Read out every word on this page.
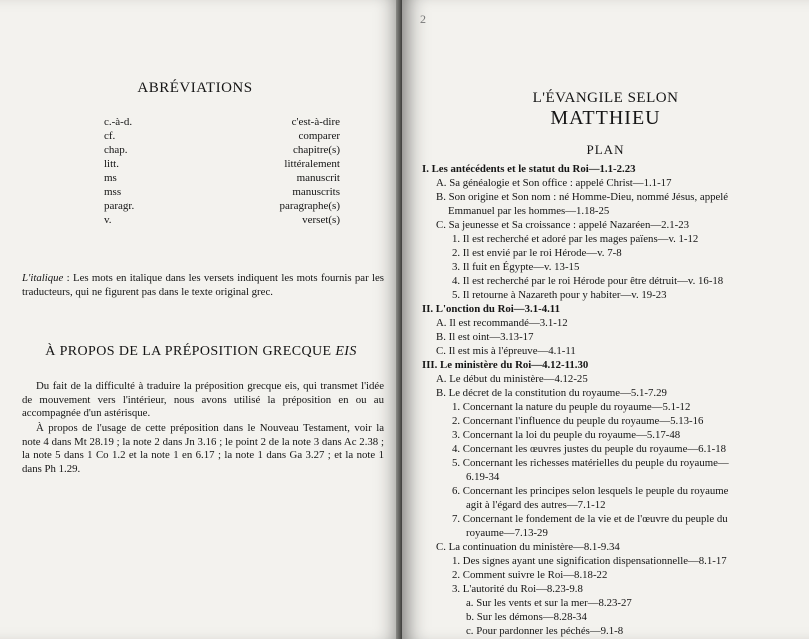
ABRÉVIATIONS
c.-à-d.	c'est-à-dire
cf.	comparer
chap.	chapitre(s)
litt.	littéralement
ms	manuscrit
mss	manuscrits
paragr.	paragraphe(s)
v.	verset(s)
L'italique : Les mots en italique dans les versets indiquent les mots fournis par les traducteurs, qui ne figurent pas dans le texte original grec.
À PROPOS DE LA PRÉPOSITION GRECQUE EIS
Du fait de la difficulté à traduire la préposition grecque eis, qui transmet l'idée de mouvement vers l'intérieur, nous avons utilisé la préposition en ou au accompagnée d'un astérisque.
À propos de l'usage de cette préposition dans le Nouveau Testament, voir la note 4 dans Mt 28.19 ; la note 2 dans Jn 3.16 ; le point 2 de la note 3 dans Ac 2.38 ; la note 5 dans 1 Co 1.2 et la note 1 en 6.17 ; la note 1 dans Ga 3.27 ; et la note 1 dans Ph 1.29.
2
L'ÉVANGILE SELON
MATTHIEU
PLAN
I. Les antécédents et le statut du Roi—1.1-2.23
A. Sa généalogie et Son office : appelé Christ—1.1-17
B. Son origine et Son nom : né Homme-Dieu, nommé Jésus, appelé
Emmanuel par les hommes—1.18-25
C. Sa jeunesse et Sa croissance : appelé Nazaréen—2.1-23
1. Il est recherché et adoré par les mages païens—v. 1-12
2. Il est envié par le roi Hérode—v. 7-8
3. Il fuit en Égypte—v. 13-15
4. Il est recherché par le roi Hérode pour être détruit—v. 16-18
5. Il retourne à Nazareth pour y habiter—v. 19-23
II. L'onction du Roi—3.1-4.11
A. Il est recommandé—3.1-12
B. Il est oint—3.13-17
C. Il est mis à l'épreuve—4.1-11
III. Le ministère du Roi—4.12-11.30
A. Le début du ministère—4.12-25
B. Le décret de la constitution du royaume—5.1-7.29
1. Concernant la nature du peuple du royaume—5.1-12
2. Concernant l'influence du peuple du royaume—5.13-16
3. Concernant la loi du peuple du royaume—5.17-48
4. Concernant les œuvres justes du peuple du royaume—6.1-18
5. Concernant les richesses matérielles du peuple du royaume—
6.19-34
6. Concernant les principes selon lesquels le peuple du royaume
agit à l'égard des autres—7.1-12
7. Concernant le fondement de la vie et de l'œuvre du peuple du
royaume—7.13-29
C. La continuation du ministère—8.1-9.34
1. Des signes ayant une signification dispensationnelle—8.1-17
2. Comment suivre le Roi—8.18-22
3. L'autorité du Roi—8.23-9.8
a. Sur les vents et sur la mer—8.23-27
b. Sur les démons—8.28-34
c. Pour pardonner les péchés—9.1-8
